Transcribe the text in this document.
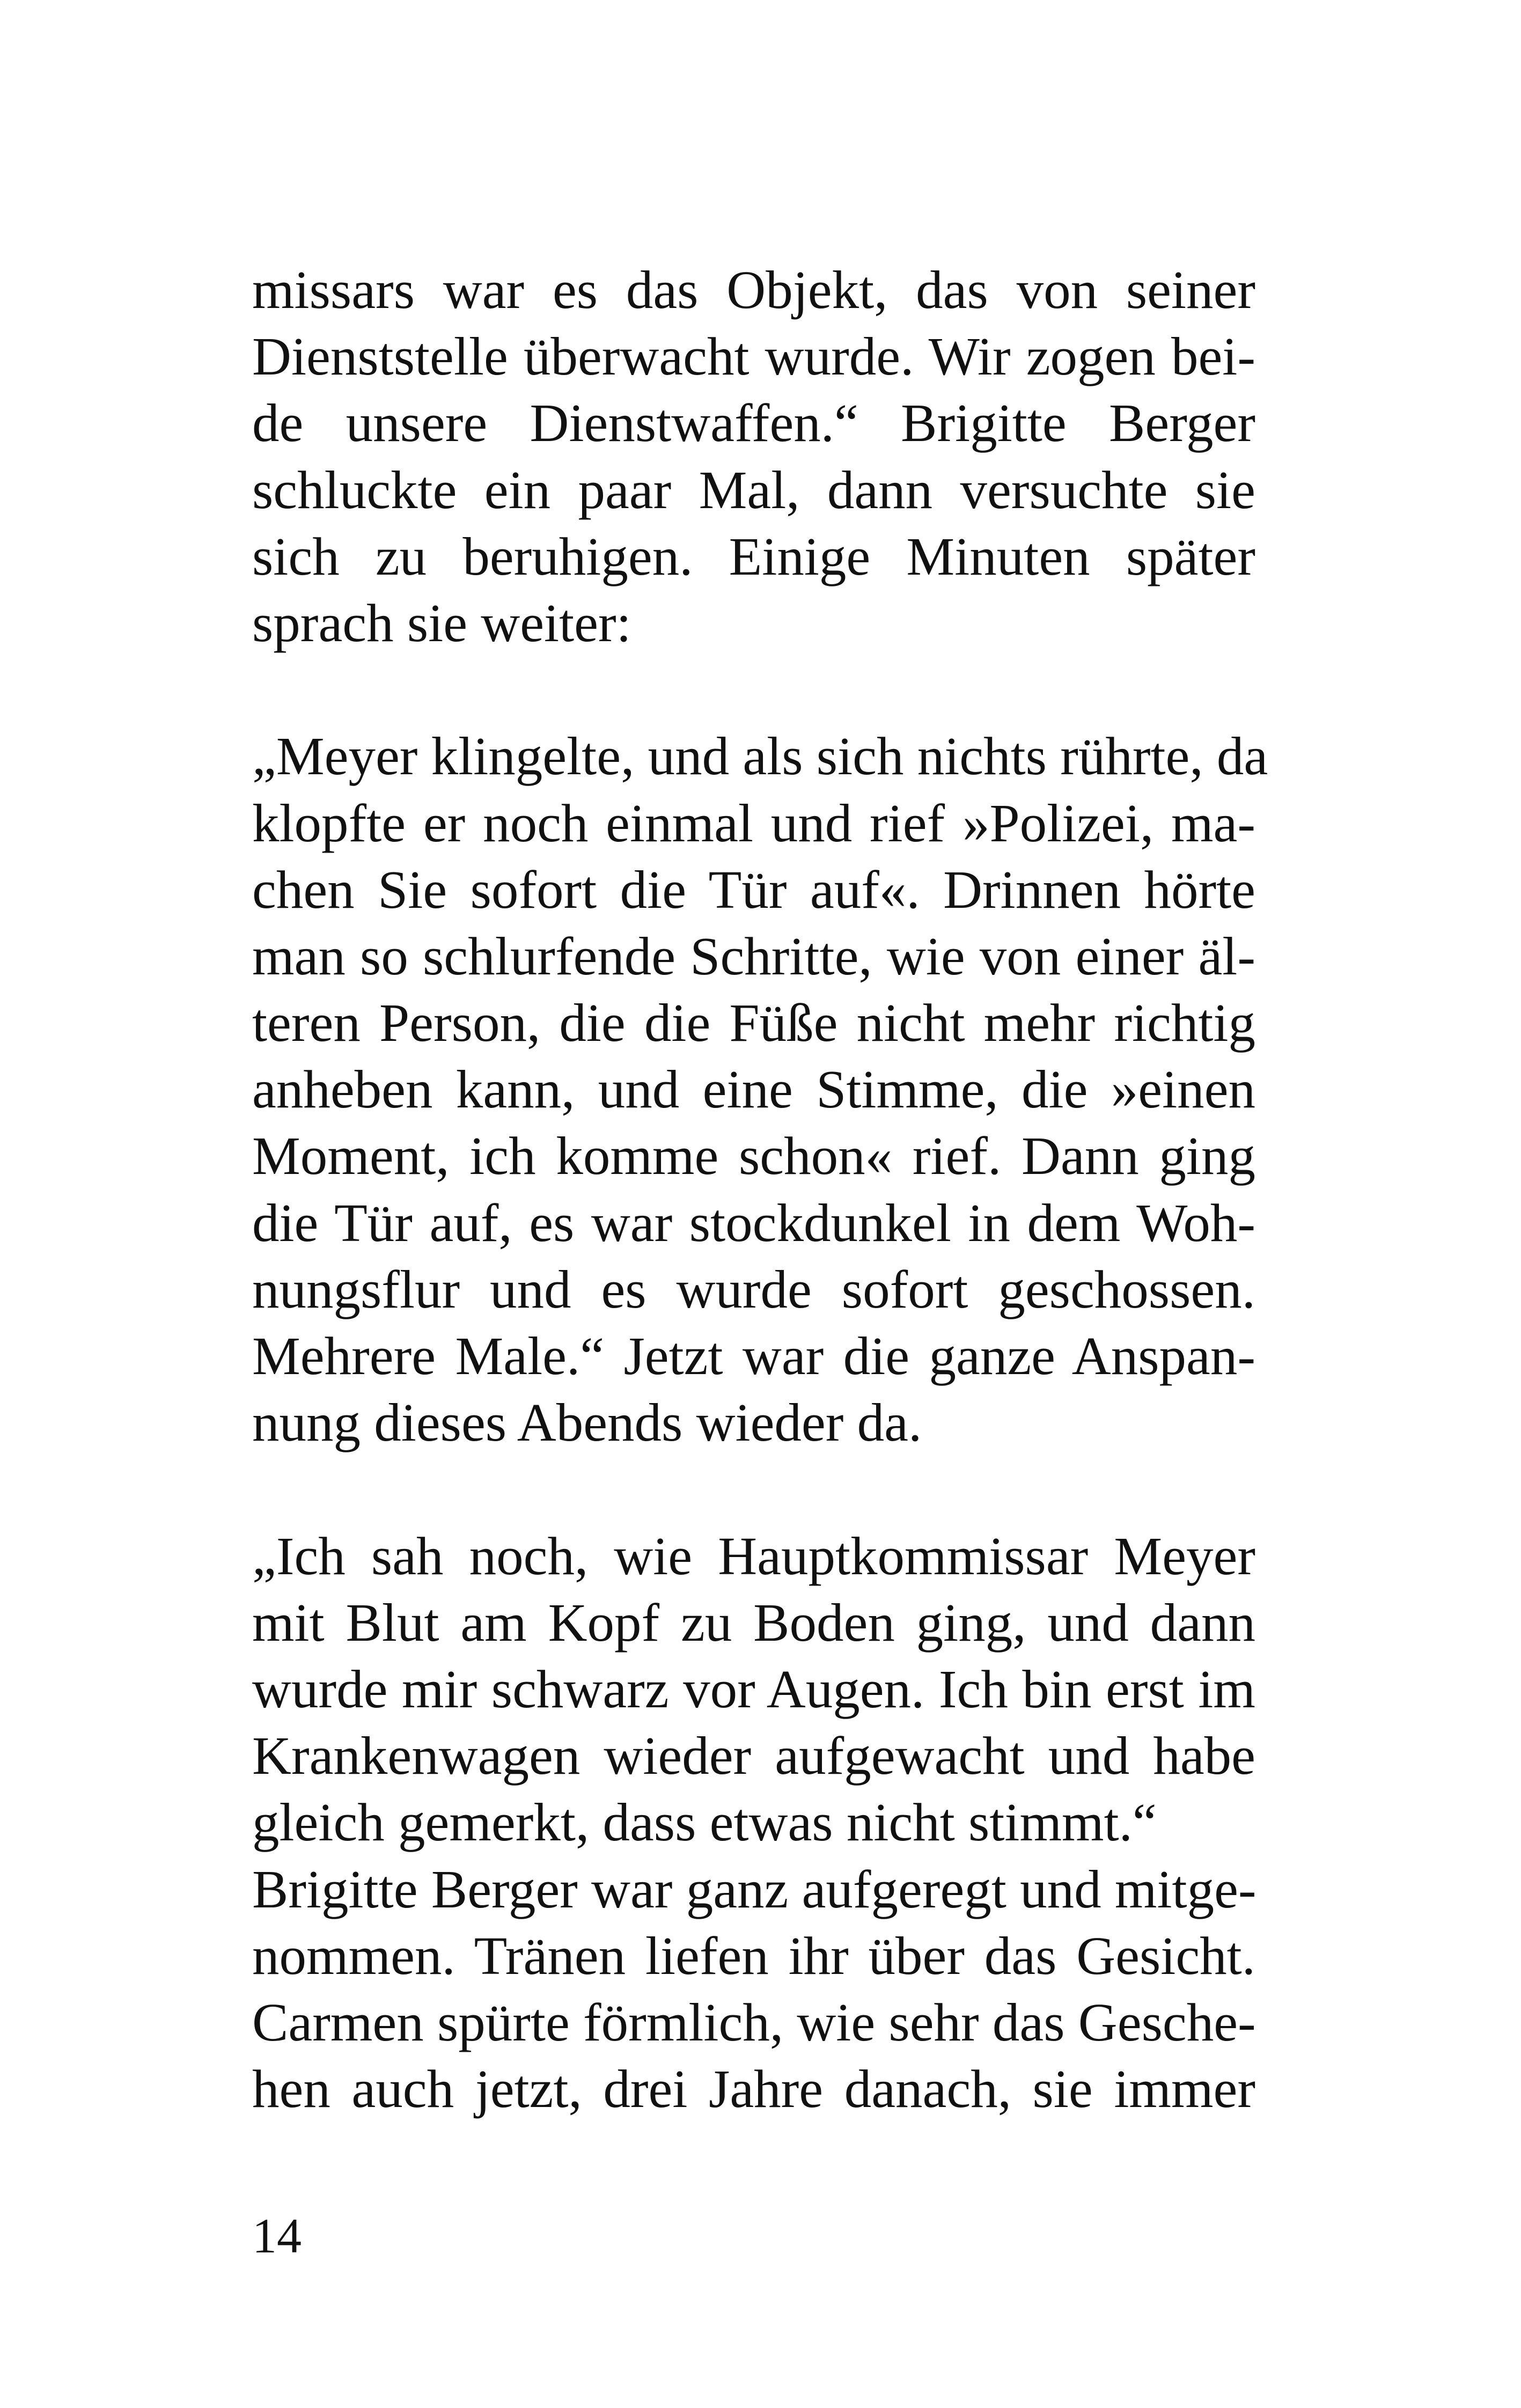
missars war es das Objekt, das von seiner
Dienststelle überwacht wurde. Wir zogen bei-
de unsere Dienstwaffen.“ Brigitte Berger
schluckte ein paar Mal, dann versuchte sie
sich zu beruhigen. Einige Minuten später
sprach sie weiter:
„Meyer klingelte, und als sich nichts rührte, da
klopfte er noch einmal und rief »Polizei, ma-
chen Sie sofort die Tür auf«. Drinnen hörte
man so schlurfende Schritte, wie von einer äl-
teren Person, die die Füße nicht mehr richtig
anheben kann, und eine Stimme, die »einen
Moment, ich komme schon« rief. Dann ging
die Tür auf, es war stockdunkel in dem Woh-
nungsflur und es wurde sofort geschossen.
Mehrere Male.“ Jetzt war die ganze Anspan-
nung dieses Abends wieder da.
„Ich sah noch, wie Hauptkommissar Meyer
mit Blut am Kopf zu Boden ging, und dann
wurde mir schwarz vor Augen. Ich bin erst im
Krankenwagen wieder aufgewacht und habe
gleich gemerkt, dass etwas nicht stimmt.“
Brigitte Berger war ganz aufgeregt und mitge-
nommen. Tränen liefen ihr über das Gesicht.
Carmen spürte förmlich, wie sehr das Gesche-
hen auch jetzt, drei Jahre danach, sie immer
14
